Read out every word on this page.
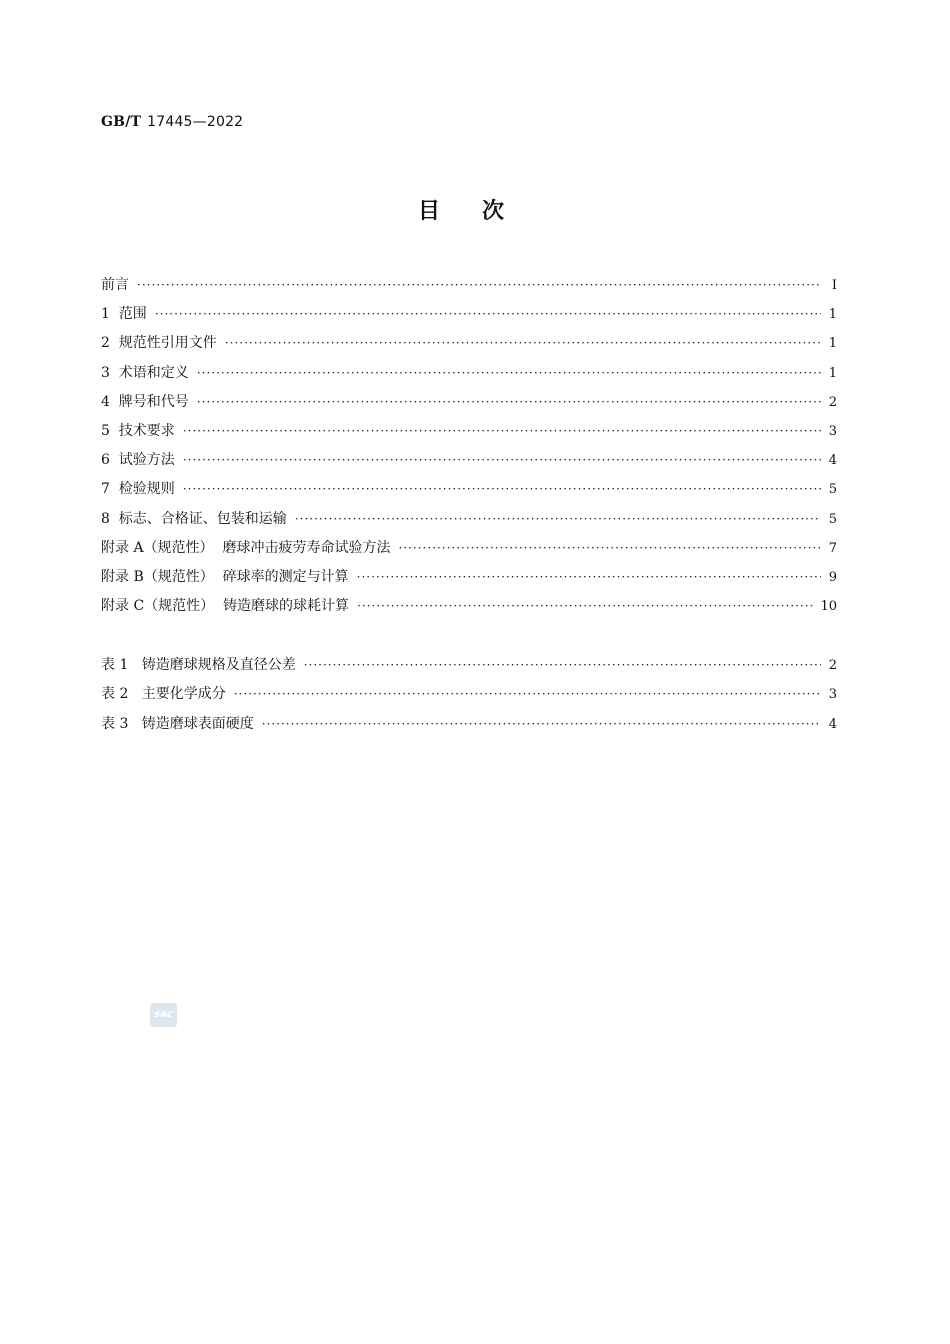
GB/T 17445—2022
目次
前言 ·····	Ⅰ
1  范围 ·····	1
2  规范性引用文件 ·····	1
3  术语和定义 ·····	1
4  牌号和代号 ·····	2
5  技术要求 ·····	3
6  试验方法 ·····	4
7  检验规则 ·····	5
8  标志、合格证、包装和运输 ·····	5
附录 A（规范性）  磨球冲击疲劳寿命试验方法 ·····	7
附录 B（规范性）  碎球率的测定与计算 ·····	9
附录 C（规范性）  铸造磨球的球耗计算 ·····	10
表 1   铸造磨球规格及直径公差 ·····	2
表 2   主要化学成分 ·····	3
表 3   铸造磨球表面硬度 ·····	4
sac
